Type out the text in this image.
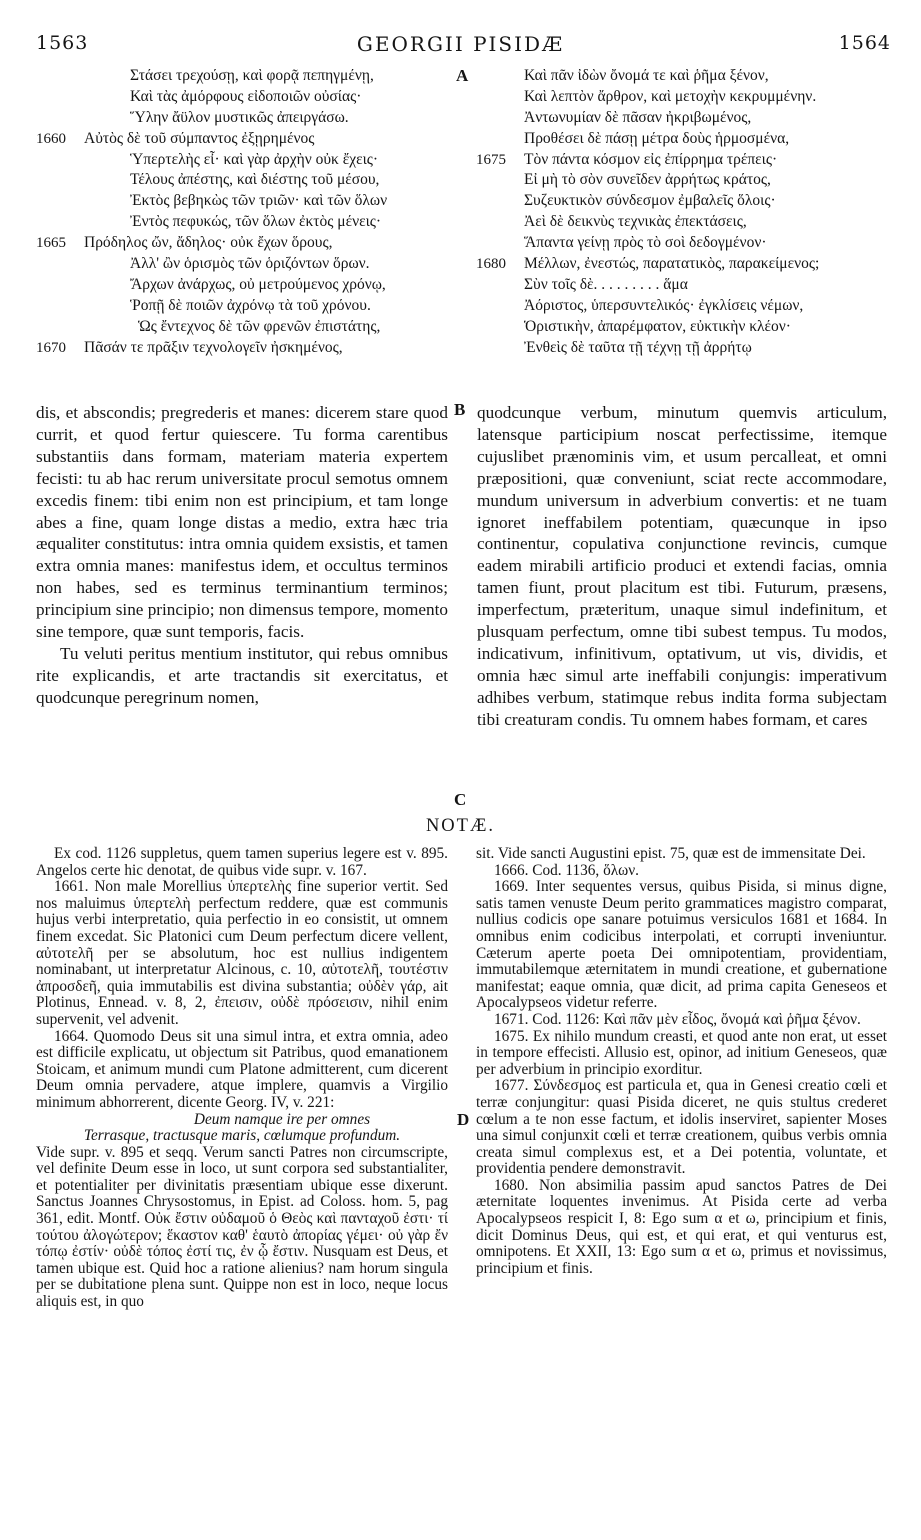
1563	GEORGII PISIDÆ	1564
A
B
C
D
Στάσει τρεχούσῃ, καὶ φορᾷ πεπηγμένῃ,
Καὶ τὰς ἀμόρφους εἰδοποιῶν οὐσίας·
Ὕλην ἄϋλον μυστικῶς ἀπειργάσω.
1660 Αὐτὸς δὲ τοῦ σύμπαντος ἐξῃρημένος
Ὑπερτελὴς εἶ· καὶ γὰρ ἀρχὴν οὐκ ἔχεις·
Τέλους ἀπέστης, καὶ διέστης τοῦ μέσου,
Ἐκτὸς βεβηκὼς τῶν τριῶν· καὶ τῶν ὅλων
Ἐντὸς πεφυκώς, τῶν ὅλων ἐκτὸς μένεις·
1665 Πρόδηλος ὤν, ἄδηλος· οὐκ ἔχων ὅρους,
Ἀλλ' ὢν ὁρισμὸς τῶν ὁριζόντων ὅρων.
Ἄρχων ἀνάρχως, οὐ μετρούμενος χρόνῳ,
Ῥοπῇ δὲ ποιῶν ἀχρόνῳ τὰ τοῦ χρόνου.
Ὡς ἔντεχνος δὲ τῶν φρενῶν ἐπιστάτης,
1670 Πᾶσάν τε πρᾶξιν τεχνολογεῖν ἠσκημένος,
Καὶ πᾶν ἰδὼν ὄνομά τε καὶ ῥῆμα ξένον,
Καὶ λεπτὸν ἄρθρον, καὶ μετοχὴν κεκρυμμένην.
Ἀντωνυμίαν δὲ πᾶσαν ἠκριβωμένος,
Προθέσει δὲ πάσῃ μέτρα δοὺς ἡρμοσμένα,
1675 Τὸν πάντα κόσμον εἰς ἐπίρρημα τρέπεις·
Εἰ μὴ τὸ σὸν συνεῖδεν ἀρρήτως κράτος,
Συζευκτικὸν σύνδεσμον ἐμβαλεῖς ὅλοις·
Ἀεὶ δὲ δεικνὺς τεχνικὰς ἐπεκτάσεις,
Ἅπαντα γείνῃ πρὸς τὸ σοὶ δεδογμένον·
1680 Μέλλων, ἐνεστώς, παρατατικὸς, παρακείμενος;
Σὺν τοῖς δὲ. . . . . . . . . ἅμα
Ἀόριστος, ὑπερσυντελικός· ἐγκλίσεις νέμων,
Ὁριστικὴν, ἀπαρέμφατον, εὐκτικὴν κλέον·
Ἐνθεὶς δὲ ταῦτα τῇ τέχνῃ τῇ ἀρρήτῳ

dis, et abscondis; pregrederis et manes: dicerem stare quod currit, et quod fertur quiescere. Tu forma carentibus substantiis dans formam, materiam materia expertem fecisti: tu ab hac rerum universitate procul semotus omnem excedis finem: tibi enim non est principium, et tam longe abes a fine, quam longe distas a medio, extra hæc tria æqualiter constitutus: intra omnia quidem exsistis, et tamen extra omnia manes: manifestus idem, et occultus terminos non habes, sed es terminus terminantium terminos; principium sine principio; non dimensus tempore, momento sine tempore, quæ sunt temporis, facis.

Tu veluti peritus mentium institutor, qui rebus omnibus rite explicandis, et arte tractandis sit exercitatus, et quodcunque peregrinum nomen,

quodcunque verbum, minutum quemvis articulum, latensque participium noscat perfectissime, itemque cujuslibet prænominis vim, et usum percalleat, et omni præpositioni, quæ conveniunt, sciat recte accommodare, mundum universum in adverbium convertis: et ne tuam ignoret ineffabilem potentiam, quæcunque in ipso continentur, copulativa conjunctione revincis, cumque eadem mirabili artificio produci et extendi facias, omnia tamen fiunt, prout placitum est tibi. Futurum, præsens, imperfectum, præteritum, unaque simul indefinitum, et plusquam perfectum, omne tibi subest tempus. Tu modos, indicativum, infinitivum, optativum, ut vis, dividis, et omnia hæc simul arte ineffabili conjungis: imperativum adhibes verbum, statimque rebus indita forma subjectam tibi creaturam condis. Tu omnem habes formam, et cares

NOTÆ.

Ex cod. 1126 suppletus, quem tamen superius legere est v. 895. Angelos certe hic denotat, de quibus vide supr. v. 167.

1661. Non male Morellius ὑπερτελὴς fine superior vertit. Sed nos maluimus ὑπερτελὴ perfectum reddere, quæ est communis hujus verbi interpretatio, quia perfectio in eo consistit, ut omnem finem excedat. Sic Platonici cum Deum perfectum dicere vellent, αὐτοτελῆ per se absolutum, hoc est nullius indigentem nominabant, ut interpretatur Alcinous, c. 10, αὐτοτελῆ, τουτέστιν ἀπροσδεῆ, quia immutabilis est divina substantia; οὐδὲν γάρ, ait Plotinus, Ennead. v. 8, 2, ἐπεισιν, οὐδὲ πρόσεισιν, nihil enim supervenit, vel advenit.

1664. Quomodo Deus sit una simul intra, et extra omnia, adeo est difficile explicatu, ut objectum sit Patribus, quod emanationem Stoicam, et animum mundi cum Platone admitterent, cum dicerent Deum omnia pervadere, atque implere, quamvis a Virgilio minimum abhorrerent, dicente Georg. IV, v. 221:

Deum namque ire per omnes

Terrasque, tractusque maris, cœlumque profundum.

Vide supr. v. 895 et seqq. Verum sancti Patres non circumscripte, vel definite Deum esse in loco, ut sunt corpora sed substantialiter, et potentialiter per divinitatis præsentiam ubique esse dixerunt. Sanctus Joannes Chrysostomus, in Epist. ad Coloss. hom. 5, pag 361, edit. Montf. Οὐκ ἔστιν οὐδαμοῦ ὁ Θεὸς καὶ πανταχοῦ ἐστι· τί τούτου ἀλογώτερον; ἕκαστον καθ' ἑαυτὸ ἀπορίας γέμει· οὐ γὰρ ἔν τόπῳ ἐστίν· οὐδὲ τόπος ἐστί τις, ἐν ᾧ ἔστιν. Nusquam est Deus, et tamen ubique est. Quid hoc a ratione alienius? nam horum singula per se dubitatione plena sunt. Quippe non est in loco, neque locus aliquis est, in quo

sit. Vide sancti Augustini epist. 75, quæ est de immensitate Dei.

1666. Cod. 1136, ὅλων.

1669. Inter sequentes versus, quibus Pisida, si minus digne, satis tamen venuste Deum perito grammatices magistro comparat, nullius codicis ope sanare potuimus versiculos 1681 et 1684. In omnibus enim codicibus interpolati, et corrupti inveniuntur. Cæterum aperte poeta Dei omnipotentiam, providentiam, immutabilemque æternitatem in mundi creatione, et gubernatione manifestat; eaque omnia, quæ dicit, ad prima capita Geneseos et Apocalypseos videtur referre.

1671. Cod. 1126: Καὶ πᾶν μὲν εἶδος, ὄνομά καὶ ῥῆμα ξένον.

1675. Ex nihilo mundum creasti, et quod ante non erat, ut esset in tempore effecisti. Allusio est, opinor, ad initium Geneseos, quæ per adverbium in principio exorditur.

1677. Σύνδεσμος est particula et, qua in Genesi creatio cœli et terræ conjungitur: quasi Pisida diceret, ne quis stultus crederet cœlum a te non esse factum, et idolis inserviret, sapienter Moses una simul conjunxit cœli et terræ creationem, quibus verbis omnia creata simul complexus est, et a Dei potentia, voluntate, et providentia pendere demonstravit.

1680. Non absimilia passim apud sanctos Patres de Dei æternitate loquentes invenimus. At Pisida certe ad verba Apocalypseos respicit I, 8: Ego sum α et ω, principium et finis, dicit Dominus Deus, qui est, et qui erat, et qui venturus est, omnipotens. Et XXII, 13: Ego sum α et ω, primus et novissimus, principium et finis.
